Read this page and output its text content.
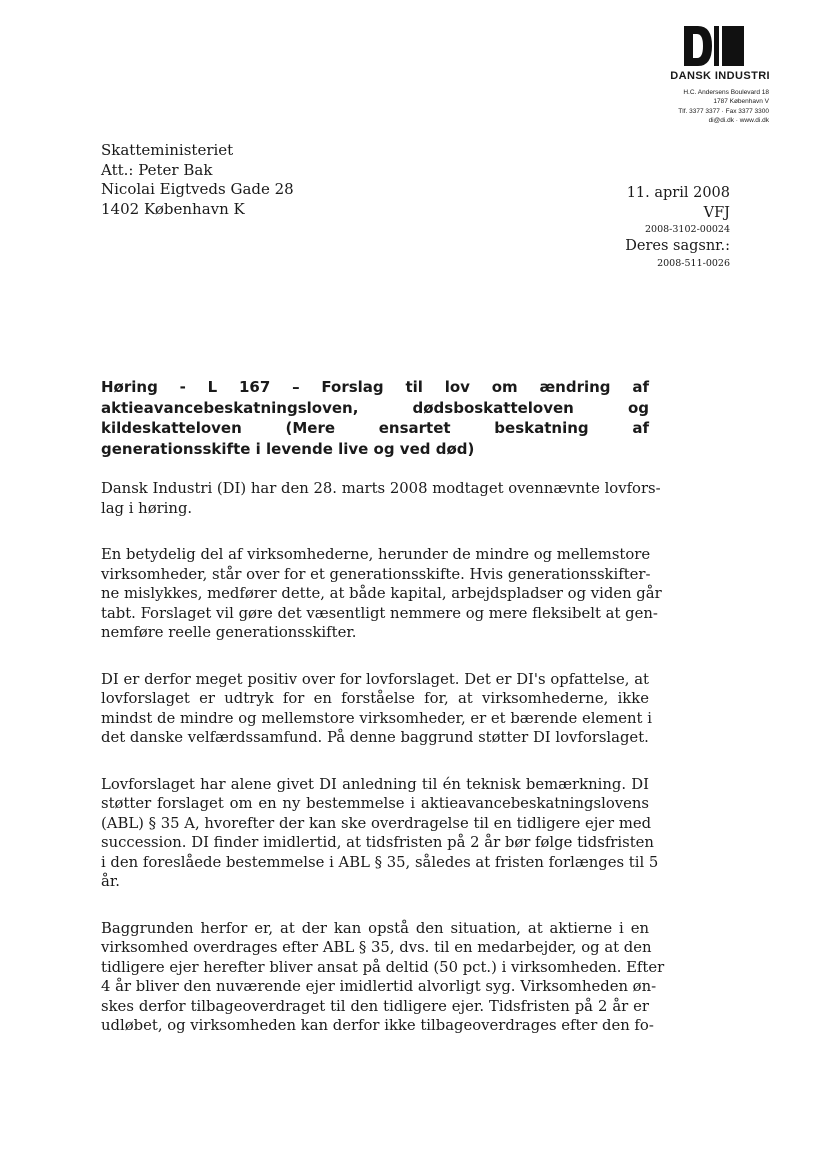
DANSK INDUSTRI
H.C. Andersens Boulevard 18
1787 København V
Tlf. 3377 3377 · Fax 3377 3300
di@di.dk · www.di.dk
Skatteministeriet
Att.: Peter Bak
Nicolai Eigtveds Gade 28
1402 København K
11. april 2008
VFJ
2008-3102-00024
Deres sagsnr.:
2008-511-0026
Høring - L 167 – Forslag til lov om ændring af
aktieavancebeskatningsloven, dødsboskatteloven og
kildeskatteloven (Mere ensartet beskatning af
generationsskifte i levende live og ved død)

Dansk Industri (DI) har den 28. marts 2008 modtaget ovennævnte lovfors-
lag i høring.

En betydelig del af virksomhederne, herunder de mindre og mellemstore
virksomheder, står over for et generationsskifte. Hvis generationsskifter-
ne mislykkes, medfører dette, at både kapital, arbejdspladser og viden går
tabt. Forslaget vil gøre det væsentligt nemmere og mere fleksibelt at gen-
nemføre reelle generationsskifter.

DI er derfor meget positiv over for lovforslaget. Det er DI's opfattelse, at
lovforslaget er udtryk for en forståelse for, at virksomhederne, ikke
mindst de mindre og mellemstore virksomheder, er et bærende element i
det danske velfærdssamfund. På denne baggrund støtter DI lovforslaget.

Lovforslaget har alene givet DI anledning til én teknisk bemærkning. DI
støtter forslaget om en ny bestemmelse i aktieavancebeskatningslovens
(ABL) § 35 A, hvorefter der kan ske overdragelse til en tidligere ejer med
succession. DI finder imidlertid, at tidsfristen på 2 år bør følge tidsfristen
i den foreslåede bestemmelse i ABL § 35, således at fristen forlænges til 5
år.

Baggrunden herfor er, at der kan opstå den situation, at aktierne i en
virksomhed overdrages efter ABL § 35, dvs. til en medarbejder, og at den
tidligere ejer herefter bliver ansat på deltid (50 pct.) i virksomheden. Efter
4 år bliver den nuværende ejer imidlertid alvorligt syg. Virksomheden øn-
skes derfor tilbageoverdraget til den tidligere ejer. Tidsfristen på 2 år er
udløbet, og virksomheden kan derfor ikke tilbageoverdrages efter den fo-
